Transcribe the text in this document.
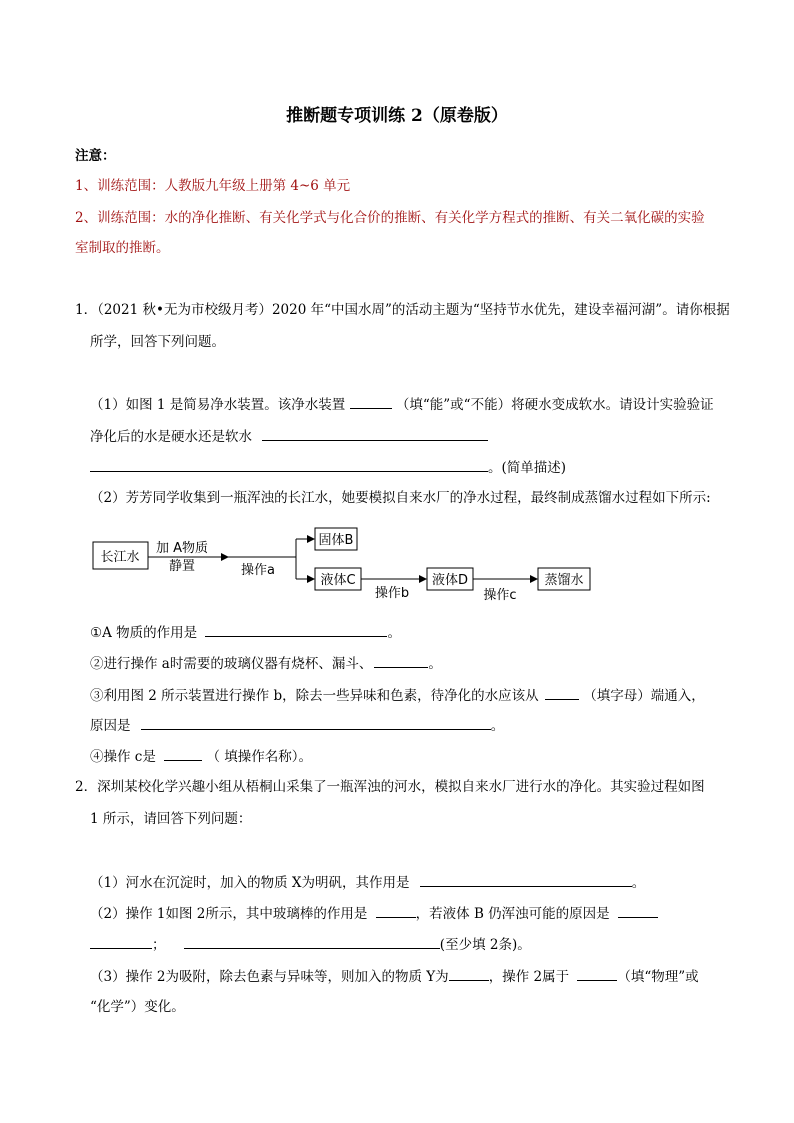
推断题专项训练 2（原卷版）
注意：
1、训练范围：人教版九年级上册第 4~6 单元
2、训练范围：水的净化推断、有关化学式与化合价的推断、有关化学方程式的推断、有关二氧化碳的实验
室制取的推断。
1．（2021 秋•无为市校级月考）2020 年“中国水周”的活动主题为“坚持节水优先，建设幸福河湖”。请你根据
所学，回答下列问题。
（1）如图 1 是简易净水装置。该净水装置	（填“能”或“不能）将硬水变成软水。请设计实验验证
净化后的水是硬水还是软水
。(简单描述)
（2）芳芳同学收集到一瓶浑浊的长江水，她要模拟自来水厂的净水过程，最终制成蒸馏水过程如下所示:
长江水
加 A物质
静置	操作a
固体B
液体C
操作b
液体D
操作c
蒸馏水
①A 物质的作用是	。
②进行操作 a时需要的玻璃仪器有烧杯、漏斗、	。
③利用图 2 所示装置进行操作 b，除去一些异味和色素，待净化的水应该从	（填字母）端通入，
原因是	。
④操作 c是	（ 填操作名称）。
2．深圳某校化学兴趣小组从梧桐山采集了一瓶浑浊的河水，模拟自来水厂进行水的净化。其实验过程如图
1 所示，请回答下列问题：
（1）河水在沉淀时，加入的物质 X为明矾，其作用是	。
（2）操作 1如图 2所示，其中玻璃棒的作用是	，若液体 B 仍浑浊可能的原因是
；	(至少填 2条)。
（3）操作 2为吸附，除去色素与异味等，则加入的物质 Y为	，操作 2属于	（填“物理”或
“化学”）变化。
